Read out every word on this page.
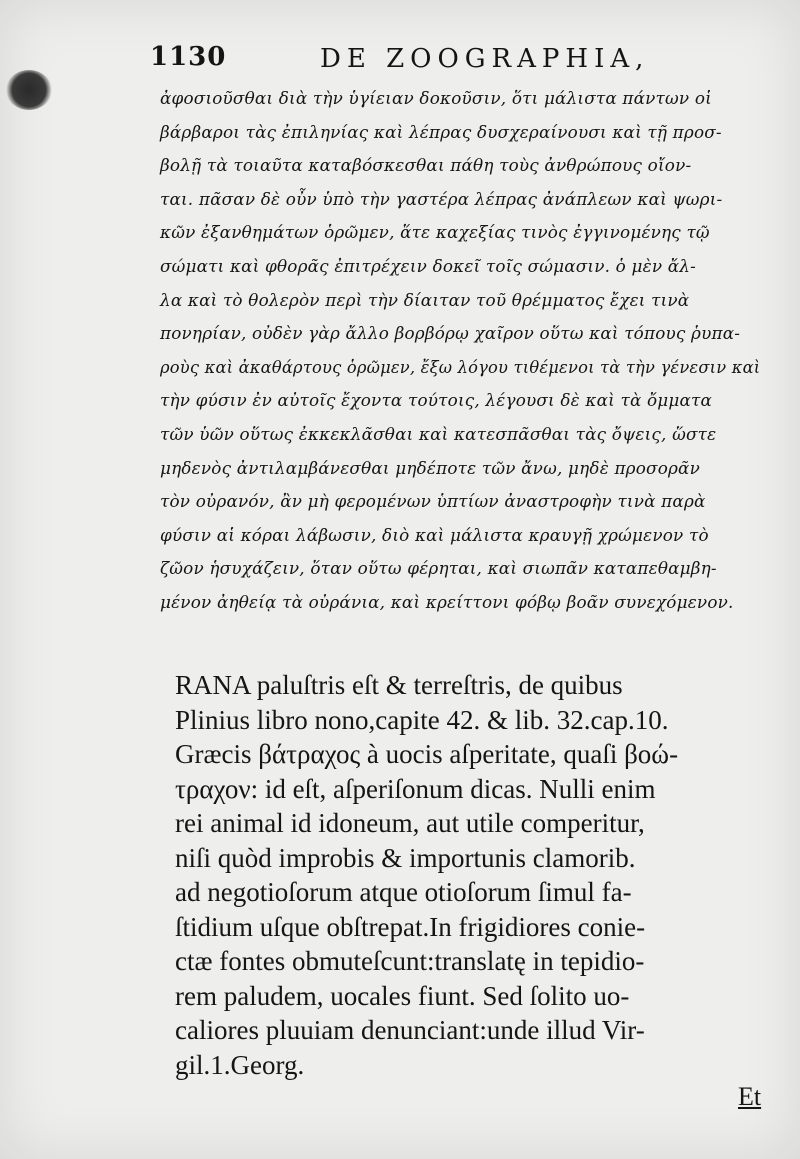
1130	DE ZOOGRAPHIA,
ἀφοσιοῦσθαι διὰ τὴν ὑγίειαν δοκοῦσιν, ὅτι μάλιστα πάντων οἱ
βάρβαροι τὰς ἐπιληνίας καὶ λέπρας δυσχεραίνουσι καὶ τῇ προσ-
βολῇ τὰ τοιαῦτα καταβόσκεσθαι πάθη τοὺς ἀνθρώπους οἴον-
ται. πᾶσαν δὲ οὖν ὑπὸ τὴν γαστέρα λέπρας ἀνάπλεων καὶ ψωρι-
κῶν ἐξανθημάτων ὁρῶμεν, ἅτε καχεξίας τινὸς ἐγγινομένης τῷ
σώματι καὶ φθορᾶς ἐπιτρέχειν δοκεῖ τοῖς σώμασιν. ὁ μὲν ἄλ-
λα καὶ τὸ θολερὸν περὶ τὴν δίαιταν τοῦ θρέμματος ἔχει τινὰ
πονηρίαν, οὐδὲν γὰρ ἄλλο βορβόρῳ χαῖρον οὕτω καὶ τόπους ῥυπα-
ροὺς καὶ ἀκαθάρτους ὁρῶμεν, ἔξω λόγου τιθέμενοι τὰ τὴν γένεσιν καὶ
τὴν φύσιν ἐν αὐτοῖς ἔχοντα τούτοις, λέγουσι δὲ καὶ τὰ ὄμματα
τῶν ὑῶν οὕτως ἐκκεκλᾶσθαι καὶ κατεσπᾶσθαι τὰς ὄψεις, ὥστε
μηδενὸς ἀντιλαμβάνεσθαι μηδέποτε τῶν ἄνω, μηδὲ προσορᾶν
τὸν οὐρανόν, ἂν μὴ φερομένων ὑπτίων ἀναστροφὴν τινὰ παρὰ
φύσιν αἱ κόραι λάβωσιν, διὸ καὶ μάλιστα κραυγῇ χρώμενον τὸ
ζῶον ἡσυχάζειν, ὅταν οὕτω φέρηται, καὶ σιωπᾶν καταπεθαμβη-
μένον ἀηθείᾳ τὰ οὐράνια, καὶ κρείττονι φόβῳ βοᾶν συνεχόμενον.
RANA paluſtris eſt & terreſtris, de quibus
Plinius libro nono,capite 42. & lib. 32.cap.10.
Græcis βάτραχος à uocis aſperitate, quaſi βοώ-
τραχον: id eſt, aſperiſonum dicas. Nulli enim
rei animal id idoneum, aut utile comperitur,
niſi quòd improbis & importunis clamorib.
ad negotioſorum atque otioſorum ſimul fa-
ſtidium uſque obſtrepat.In frigidiores conie-
ctæ fontes obmuteſcunt:translatę in tepidio-
rem paludem, uocales fiunt. Sed ſolito uo-
caliores pluuiam denunciant:unde illud Vir-
gil.1.Georg.
Et
